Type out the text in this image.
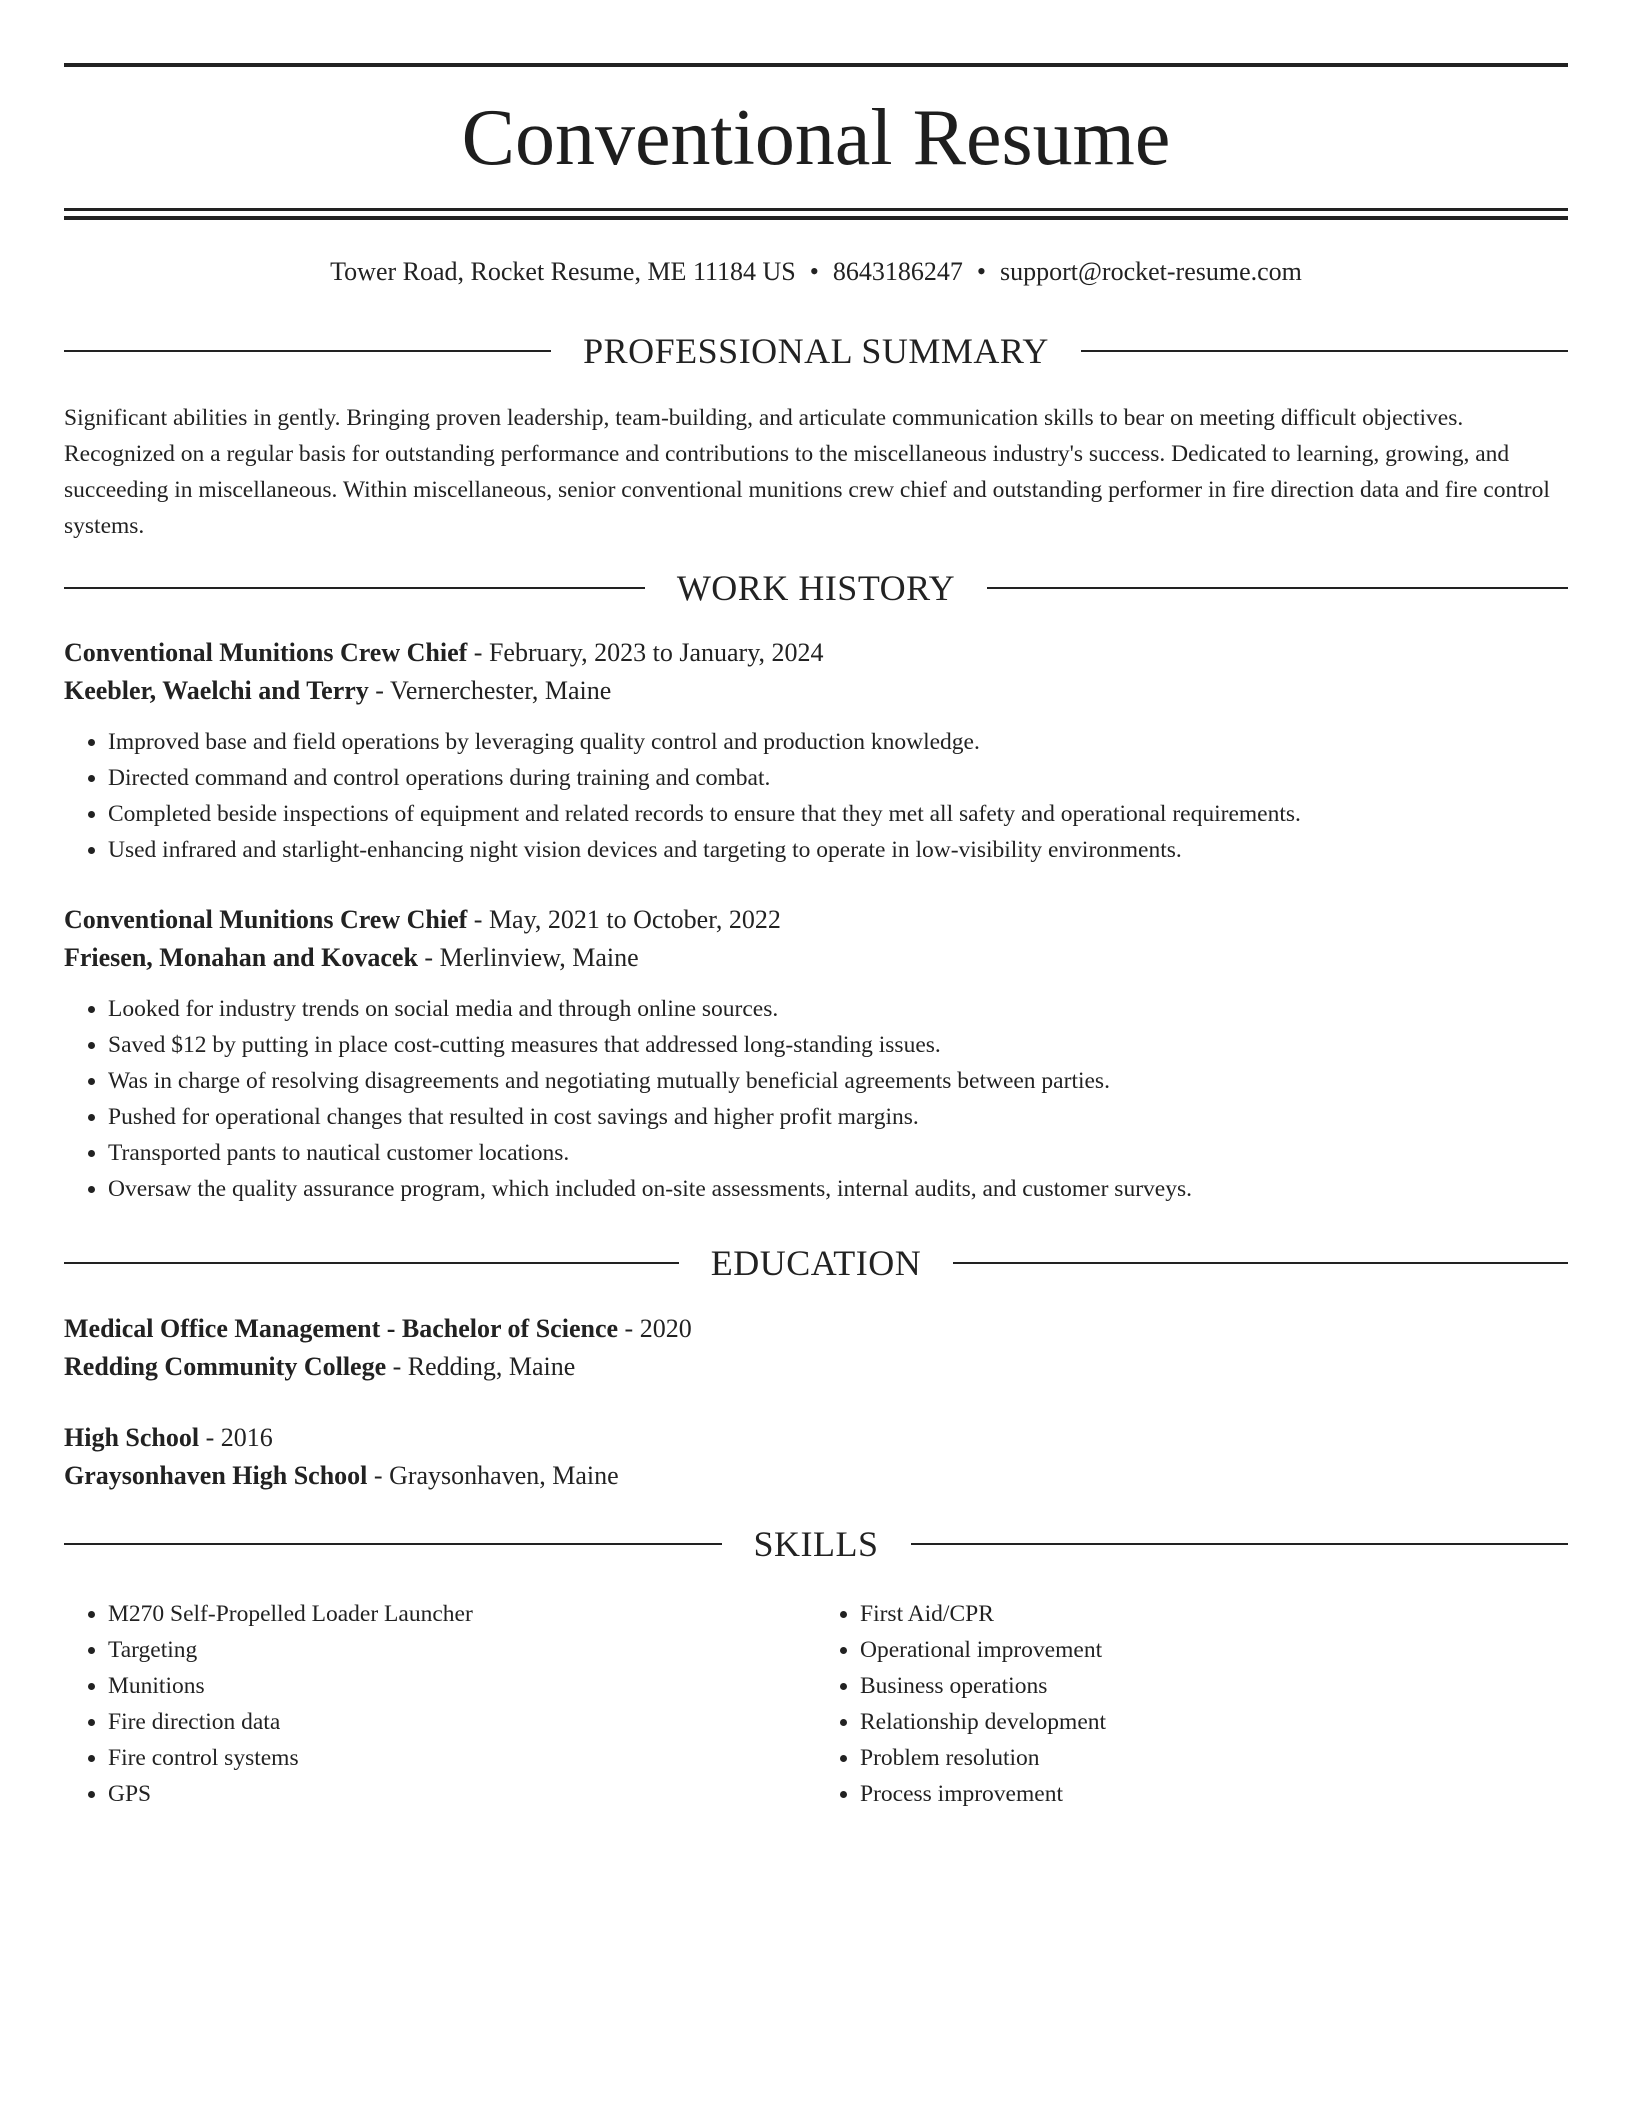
Conventional Resume
Tower Road, Rocket Resume, ME 11184 US • 8643186247 • support@rocket-resume.com
PROFESSIONAL SUMMARY

Significant abilities in gently. Bringing proven leadership, team-building, and articulate communication skills to bear on meeting difficult objectives. Recognized on a regular basis for outstanding performance and contributions to the miscellaneous industry's success. Dedicated to learning, growing, and succeeding in miscellaneous. Within miscellaneous, senior conventional munitions crew chief and outstanding performer in fire direction data and fire control systems.

WORK HISTORY
Conventional Munitions Crew Chief - February, 2023 to January, 2024
Keebler, Waelchi and Terry - Vernerchester, Maine
• Improved base and field operations by leveraging quality control and production knowledge.
• Directed command and control operations during training and combat.
• Completed beside inspections of equipment and related records to ensure that they met all safety and operational requirements.
• Used infrared and starlight-enhancing night vision devices and targeting to operate in low-visibility environments.
Conventional Munitions Crew Chief - May, 2021 to October, 2022
Friesen, Monahan and Kovacek - Merlinview, Maine
• Looked for industry trends on social media and through online sources.
• Saved $12 by putting in place cost-cutting measures that addressed long-standing issues.
• Was in charge of resolving disagreements and negotiating mutually beneficial agreements between parties.
• Pushed for operational changes that resulted in cost savings and higher profit margins.
• Transported pants to nautical customer locations.
• Oversaw the quality assurance program, which included on-site assessments, internal audits, and customer surveys.
EDUCATION
Medical Office Management - Bachelor of Science - 2020
Redding Community College - Redding, Maine
High School - 2016
Graysonhaven High School - Graysonhaven, Maine
SKILLS
• M270 Self-Propelled Loader Launcher
• Targeting
• Munitions
• Fire direction data
• Fire control systems
• GPS
• First Aid/CPR
• Operational improvement
• Business operations
• Relationship development
• Problem resolution
• Process improvement
